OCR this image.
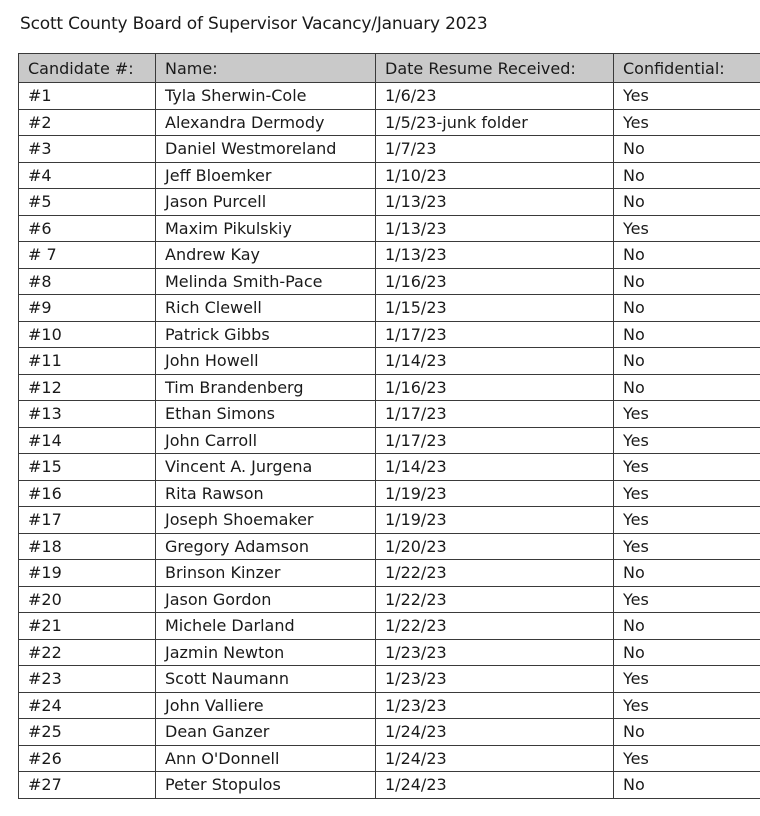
Scott County Board of Supervisor Vacancy/January 2023
Candidate #:	Name:	Date Resume Received:	Confidential:
#1	Tyla Sherwin-Cole	1/6/23	Yes
#2	Alexandra Dermody	1/5/23-junk folder	Yes
#3	Daniel Westmoreland	1/7/23	No
#4	Jeff Bloemker	1/10/23	No
#5	Jason Purcell	1/13/23	No
#6	Maxim Pikulskiy	1/13/23	Yes
# 7	Andrew Kay	1/13/23	No
#8	Melinda Smith-Pace	1/16/23	No
#9	Rich Clewell	1/15/23	No
#10	Patrick Gibbs	1/17/23	No
#11	John Howell	1/14/23	No
#12	Tim Brandenberg	1/16/23	No
#13	Ethan Simons	1/17/23	Yes
#14	John Carroll	1/17/23	Yes
#15	Vincent A. Jurgena	1/14/23	Yes
#16	Rita Rawson	1/19/23	Yes
#17	Joseph Shoemaker	1/19/23	Yes
#18	Gregory Adamson	1/20/23	Yes
#19	Brinson Kinzer	1/22/23	No
#20	Jason Gordon	1/22/23	Yes
#21	Michele Darland	1/22/23	No
#22	Jazmin Newton	1/23/23	No
#23	Scott Naumann	1/23/23	Yes
#24	John Valliere	1/23/23	Yes
#25	Dean Ganzer	1/24/23	No
#26	Ann O'Donnell	1/24/23	Yes
#27	Peter Stopulos	1/24/23	No
